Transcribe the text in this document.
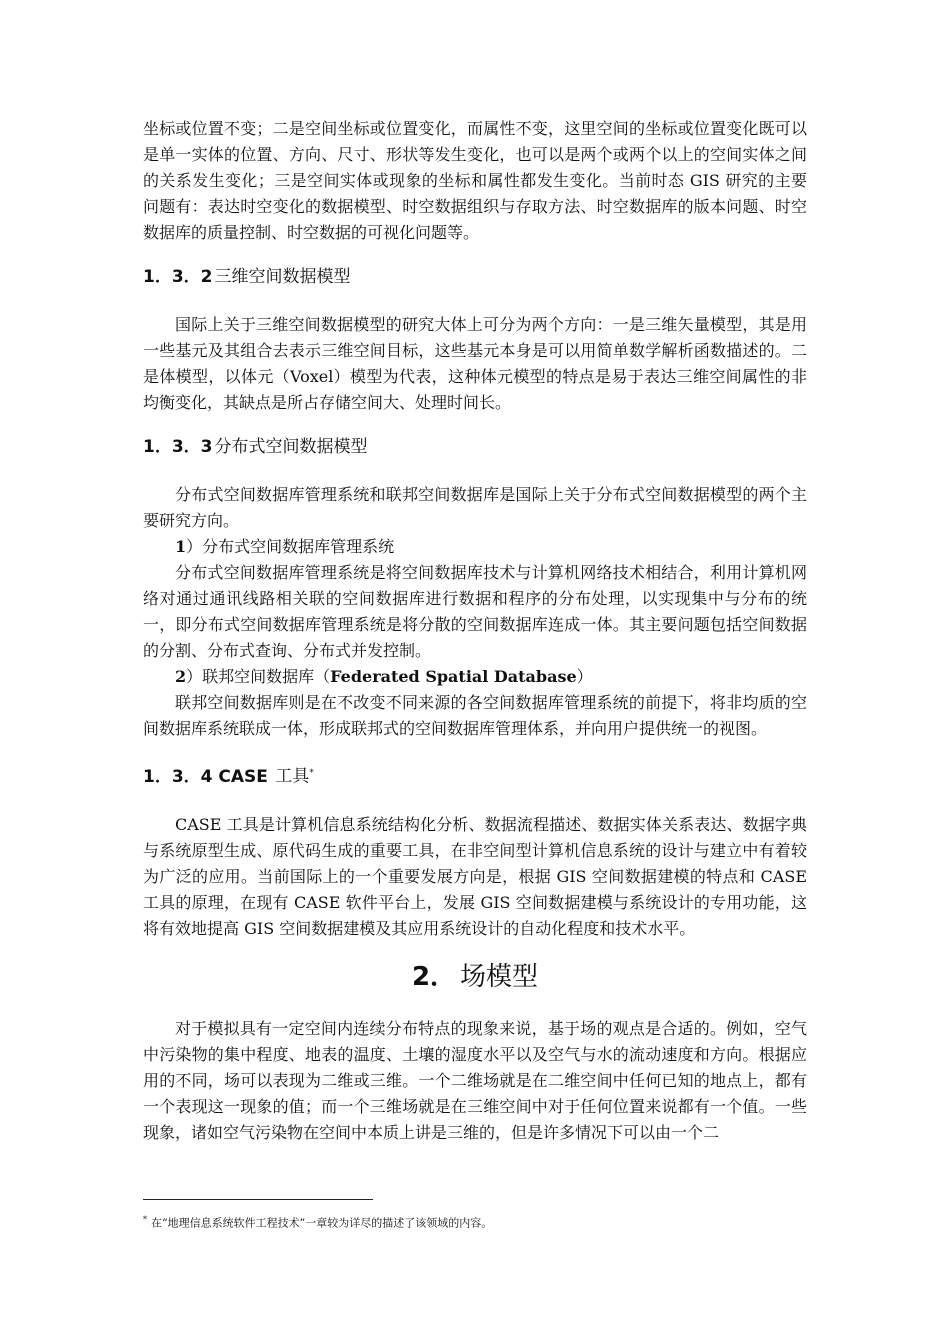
坐标或位置不变；二是空间坐标或位置变化，而属性不变，这里空间的坐标或位置变化既可以是单一实体的位置、方向、尺寸、形状等发生变化，也可以是两个或两个以上的空间实体之间的关系发生变化；三是空间实体或现象的坐标和属性都发生变化。当前时态 GIS 研究的主要问题有：表达时空变化的数据模型、时空数据组织与存取方法、时空数据库的版本问题、时空数据库的质量控制、时空数据的可视化问题等。

1．3．2 三维空间数据模型

国际上关于三维空间数据模型的研究大体上可分为两个方向：一是三维矢量模型，其是用一些基元及其组合去表示三维空间目标，这些基元本身是可以用简单数学解析函数描述的。二是体模型，以体元（Voxel）模型为代表，这种体元模型的特点是易于表达三维空间属性的非均衡变化，其缺点是所占存储空间大、处理时间长。

1．3．3 分布式空间数据模型

分布式空间数据库管理系统和联邦空间数据库是国际上关于分布式空间数据模型的两个主要研究方向。

1）分布式空间数据库管理系统

分布式空间数据库管理系统是将空间数据库技术与计算机网络技术相结合，利用计算机网络对通过通讯线路相关联的空间数据库进行数据和程序的分布处理，以实现集中与分布的统一，即分布式空间数据库管理系统是将分散的空间数据库连成一体。其主要问题包括空间数据的分割、分布式查询、分布式并发控制。

2）联邦空间数据库（Federated Spatial Database）

联邦空间数据库则是在不改变不同来源的各空间数据库管理系统的前提下，将非均质的空间数据库系统联成一体，形成联邦式的空间数据库管理体系，并向用户提供统一的视图。

1．3．4 CASE 工具*

CASE 工具是计算机信息系统结构化分析、数据流程描述、数据实体关系表达、数据字典与系统原型生成、原代码生成的重要工具，在非空间型计算机信息系统的设计与建立中有着较为广泛的应用。当前国际上的一个重要发展方向是，根据 GIS 空间数据建模的特点和 CASE 工具的原理，在现有 CASE 软件平台上，发展 GIS 空间数据建模与系统设计的专用功能，这将有效地提高 GIS 空间数据建模及其应用系统设计的自动化程度和技术水平。

2． 场模型

对于模拟具有一定空间内连续分布特点的现象来说，基于场的观点是合适的。例如，空气中污染物的集中程度、地表的温度、土壤的湿度水平以及空气与水的流动速度和方向。根据应用的不同，场可以表现为二维或三维。一个二维场就是在二维空间中任何已知的地点上，都有一个表现这一现象的值；而一个三维场就是在三维空间中对于任何位置来说都有一个值。一些现象，诸如空气污染物在空间中本质上讲是三维的，但是许多情况下可以由一个二

* 在“地理信息系统软件工程技术”一章较为详尽的描述了该领域的内容。
